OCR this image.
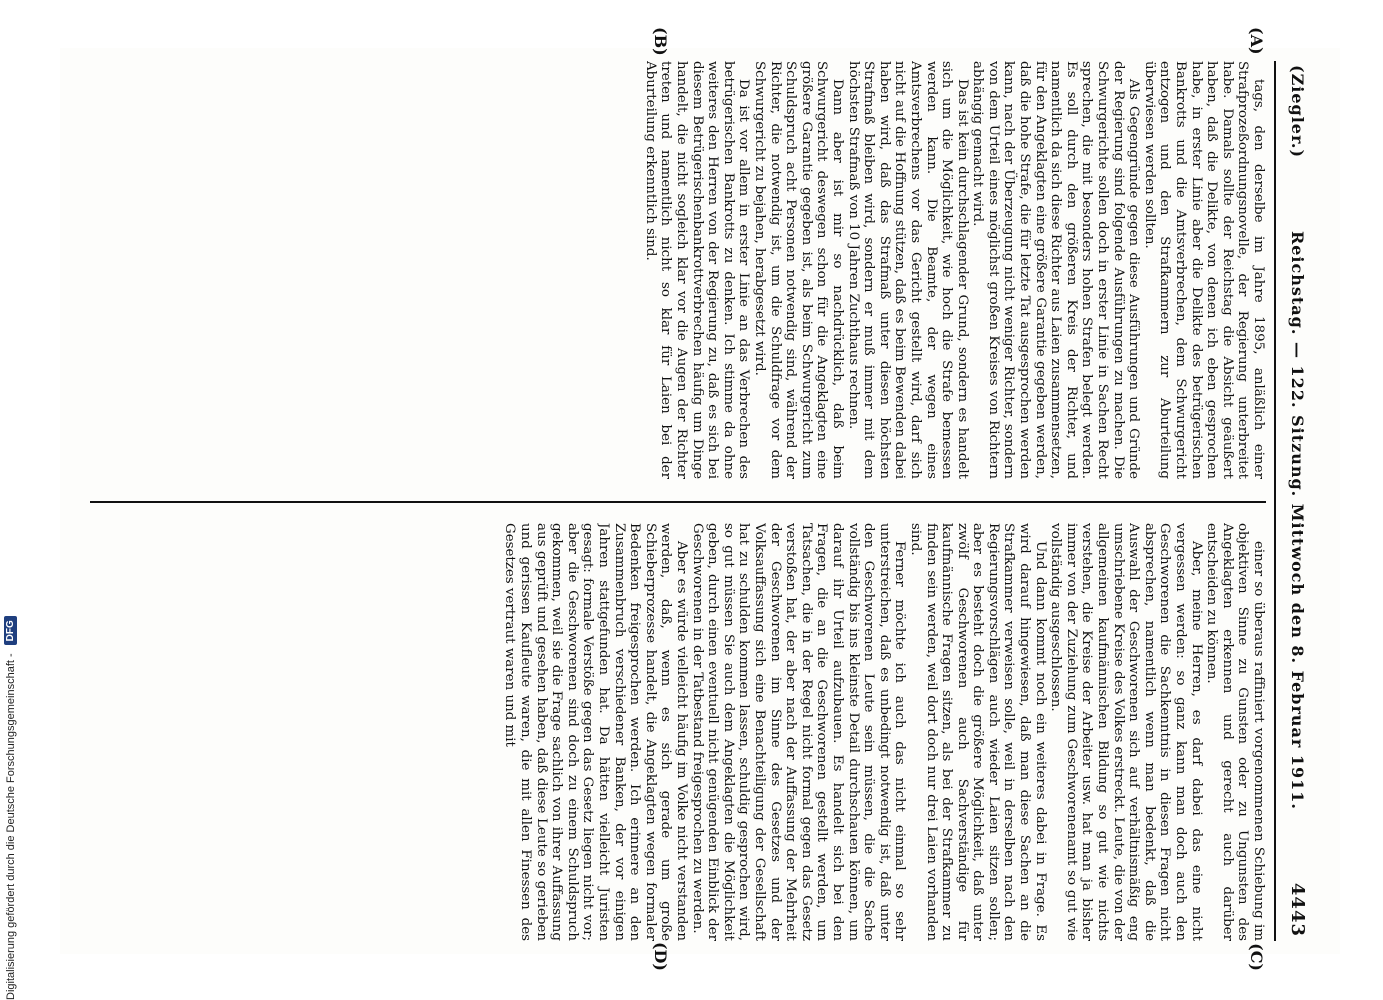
(Ziegler.)
Reichstag. — 122. Sitzung. Mittwoch den 8. Februar 1911.
4443
(A)
(B)
(C)
(D)

tags, den derselbe im Jahre 1895, anläßlich einer Strafprozeßordnungsnovelle, der Regierung unterbreitet habe. Damals sollte der Reichstag die Absicht geäußert haben, daß die Delikte, von denen ich eben gesprochen habe, in erster Linie aber die Delikte des betrügerischen Bankrotts und die Amtsverbrechen, dem Schwurgericht entzogen und den Strafkammern zur Aburteilung überwiesen werden sollten.

Als Gegengründe gegen diese Ausführungen und Gründe der Regierung sind folgende Ausführungen zu machen. Die Schwurgerichte sollen doch in erster Linie in Sachen Recht sprechen, die mit besonders hohen Strafen belegt werden. Es soll durch den größeren Kreis der Richter, und namentlich da sich diese Richter aus Laien zusammensetzen, für den Angeklagten eine größere Garantie gegeben werden, daß die hohe Strafe, die für letzte Tat ausgesprochen werden kann, nach der Überzeugung nicht weniger Richter, sondern von dem Urteil eines möglichst großen Kreises von Richtern abhängig gemacht wird.

Das ist kein durchschlagender Grund, sondern es handelt sich um die Möglichkeit, wie hoch die Strafe bemessen werden kann. Die Beamte, der wegen eines Amtsverbrechens vor das Gericht gestellt wird, darf sich nicht auf die Hoffnung stützen, daß es beim Bewenden dabei haben wird, daß das Strafmaß unter diesen höchsten Strafmaß bleiben wird, sondern er muß immer mit dem höchsten Strafmaß von 10 Jahren Zuchthaus rechnen.

Dann aber ist mir so nachdrücklich, daß beim Schwurgericht deswegen schon für die Angeklagten eine größere Garantie gegeben ist, als beim Schwurgericht zum Schuldspruch acht Personen notwendig sind, während der Richter, die notwendig ist, um die Schuldfrage vor dem Schwurgericht zu bejahen, herabgesetzt wird.

Da ist vor allem in erster Linie an das Verbrechen des betrügerischen Bankrotts zu denken. Ich stimme da ohne weiteres den Herren von der Regierung zu, daß es sich bei diesem Betrügerischenbankrottverbrechen häufig um Dinge handelt, die nicht sogleich klar vor die Augen der Richter treten und namentlich nicht so klar für Laien bei der Aburteilung erkenntlich sind.

einer so überaus raffiniert vorgenommenen Schiebung im objektiven Sinne zu Gunsten oder zu Ungunsten des Angeklagten erkennen und gerecht auch darüber entscheiden zu können.

Aber, meine Herren, es darf dabei das eine nicht vergessen werden: so ganz kann man doch auch den Geschworenen die Sachkenntnis in diesen Fragen nicht absprechen, namentlich wenn man bedenkt, daß die Auswahl der Geschworenen sich auf verhältnismäßig eng umschriebene Kreise des Volkes erstreckt. Leute, die von der allgemeinen kaufmännischen Bildung so gut wie nichts verstehen, die Kreise der Arbeiter usw. hat man ja bisher immer von der Zuziehung zum Geschworenenamt so gut wie vollständig ausgeschlossen.

Und dann kommt noch ein weiteres dabei in Frage. Es wird darauf hingewiesen, daß man diese Sachen an die Strafkammer verweisen solle, weil in derselben nach den Regierungsvorschlägen auch wieder Laien sitzen sollen; aber es besteht doch die größere Möglichkeit, daß unter zwölf Geschworenen auch Sachverständige für kaufmännische Fragen sitzen, als bei der Strafkammer zu finden sein werden, weil dort doch nur drei Laien vorhanden sind.

Ferner möchte ich auch das nicht einmal so sehr unterstreichen, daß es unbedingt notwendig ist, daß unter den Geschworenen Leute sein müssen, die die Sache vollständig bis ins kleinste Detail durchschauen können, um darauf ihr Urteil aufzubauen. Es handelt sich bei den Fragen, die an die Geschworenen gestellt werden, um Tatsachen, die in der Regel nicht formal gegen das Gesetz verstoßen hat, der aber nach der Auffassung der Mehrheit der Geschworenen im Sinne des Gesetzes und der Volksauffassung sich eine Benachteiligung der Gesellschaft hat zu schulden kommen lassen, schuldig gesprochen wird, so gut müssen Sie auch dem Angeklagten die Möglichkeit geben, durch einen eventuell nicht genügenden Einblick der Geschworenen in der Tatbestand freigesprochen zu werden.

Aber es würde vielleicht häufig im Volke nicht verstanden werden, daß, wenn es sich gerade um große Schieberprozesse handelt, die Angeklagten wegen formaler Bedenken freigesprochen werden. Ich erinnere an den Zusammenbruch verschiedener Banken, der vor einigen Jahren stattgefunden hat. Da hätten vielleicht Juristen gesagt: formale Verstöße gegen das Gesetz liegen nicht vor; aber die Geschworenen sind doch zu einem Schuldspruch gekommen, weil sie die Frage sachlich von ihrer Auffassung aus geprüft und gesehen haben, daß diese Leute so gerieben und gerissen Kaufleute waren, die mit allen Finessen des Gesetzes vertraut waren und mit

Digitalisierung gefördert durch die Deutsche Forschungsgemeinschaft -
DFG
